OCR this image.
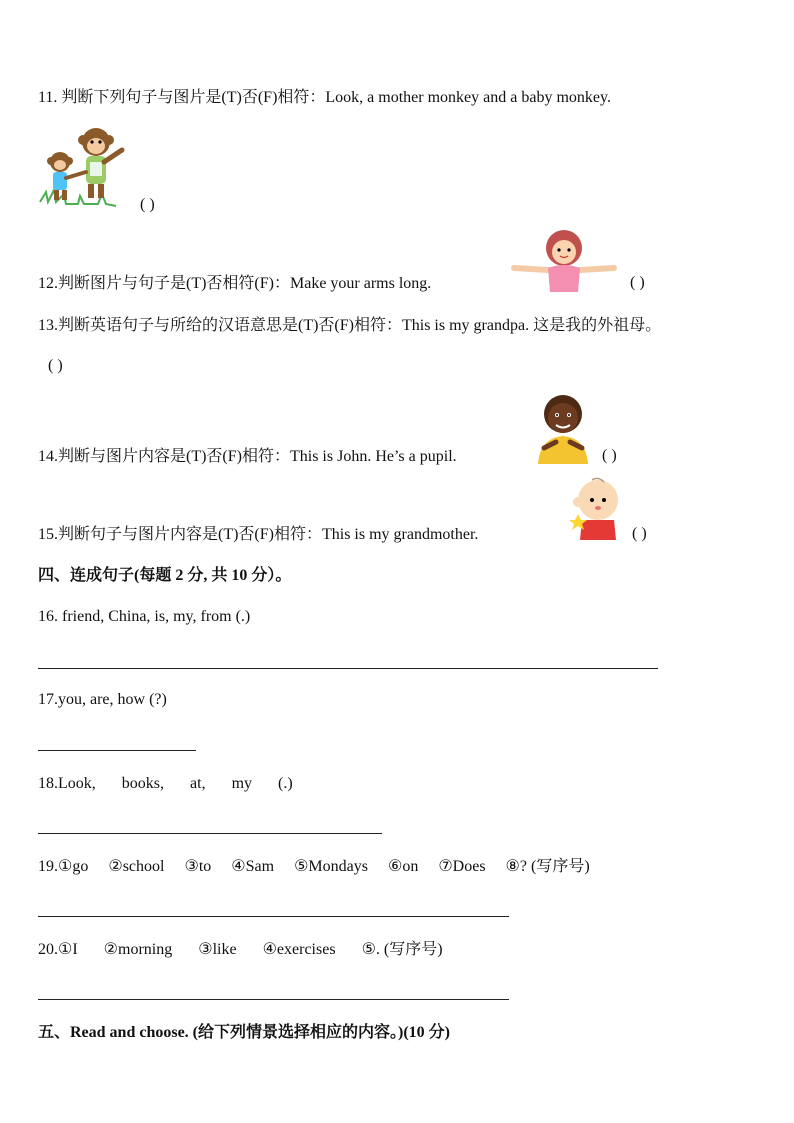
11. 判断下列句子与图片是(T)否(F)相符：Look, a mother monkey and a baby monkey.
( )
12.判断图片与句子是(T)否相符(F)：Make your arms long.	( )
13.判断英语句子与所给的汉语意思是(T)否(F)相符：This is my grandpa. 这是我的外祖母。
( )
14.判断与图片内容是(T)否(F)相符：This is John. He’s a pupil.	( )
15.判断句子与图片内容是(T)否(F)相符：This is my grandmother.	( )
四、连成句子(每题 2 分, 共 10 分）。
16. friend, China, is, my, from (.)
17.you, are, how (?)
18.Look, books, at, my (.)
19.①go ②school ③to ④Sam ⑤Mondays ⑥on ⑦Does ⑧? (写序号)
20.①I ②morning ③like ④exercises ⑤. (写序号)
五、Read and choose. (给下列情景选择相应的内容。)(10 分)
